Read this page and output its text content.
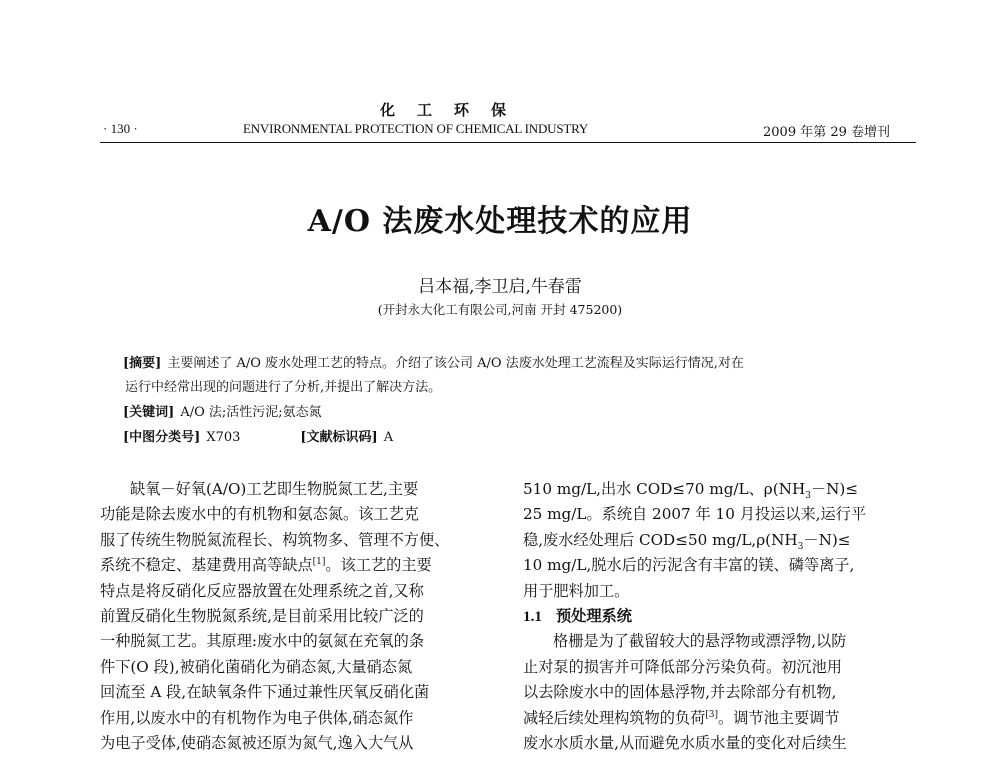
化工环保
· 130 ·	ENVIRONMENTAL PROTECTION OF CHEMICAL INDUSTRY	2009 年第 29 卷增刊
A/O 法废水处理技术的应用
吕本福,李卫启,牛春雷
(开封永大化工有限公司,河南 开封 475200)
[摘要] 主要阐述了 A/O 废水处理工艺的特点。介绍了该公司 A/O 法废水处理工艺流程及实际运行情况,对在
运行中经常出现的问题进行了分析,并提出了解决方法。
[关键词] A/O 法;活性污泥;氨态氮
[中图分类号] X703	[文献标识码] A
缺氧－好氧(A/O)工艺即生物脱氮工艺,主要
功能是除去废水中的有机物和氨态氮。该工艺克
服了传统生物脱氮流程长、构筑物多、管理不方便、
系统不稳定、基建费用高等缺点[1]。该工艺的主要
特点是将反硝化反应器放置在处理系统之首,又称
前置反硝化生物脱氮系统,是目前采用比较广泛的
一种脱氮工艺。其原理:废水中的氨氮在充氧的条
件下(O 段),被硝化菌硝化为硝态氮,大量硝态氮
回流至 A 段,在缺氧条件下通过兼性厌氧反硝化菌
作用,以废水中的有机物作为电子供体,硝态氮作
为电子受体,使硝态氮被还原为氮气,逸入大气从
510 mg/L,出水 COD≤70 mg/L、$\rho(NH_3-N)\le$
25 mg/L。系统自 2007 年 10 月投运以来,运行平
稳,废水经处理后 COD≤50 $mg/L,\rho(NH_3-N)\le$
10 mg/L,脱水后的污泥含有丰富的镁、磷等离子,
用于肥料加工。
1.1 预处理系统
格栅是为了截留较大的悬浮物或漂浮物,以防
止对泵的损害并可降低部分污染负荷。初沉池用
以去除废水中的固体悬浮物,并去除部分有机物,
减轻后续处理构筑物的负荷[3]。调节池主要调节
废水水质水量,从而避免水质水量的变化对后续生
